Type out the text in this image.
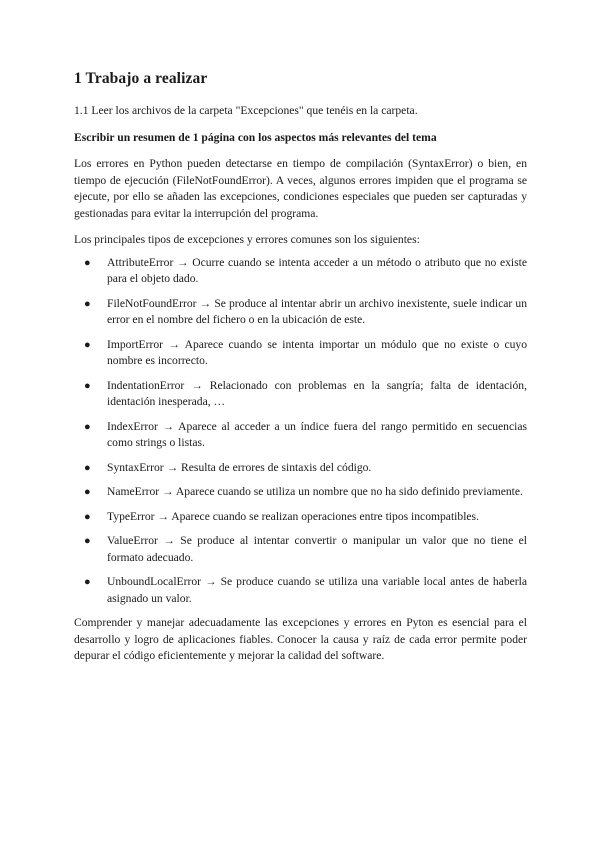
1 Trabajo a realizar

1.1 Leer los archivos de la carpeta "Excepciones" que tenéis en la carpeta.

Escribir un resumen de 1 página con los aspectos más relevantes del tema

Los errores en Python pueden detectarse en tiempo de compilación (SyntaxError) o bien, en tiempo de ejecución (FileNotFoundError). A veces, algunos errores impiden que el programa se ejecute, por ello se añaden las excepciones, condiciones especiales que pueden ser capturadas y gestionadas para evitar la interrupción del programa.

Los principales tipos de excepciones y errores comunes son los siguientes:

● AttributeError → Ocurre cuando se intenta acceder a un método o atributo que no existe para el objeto dado.
● FileNotFoundError → Se produce al intentar abrir un archivo inexistente, suele indicar un error en el nombre del fichero o en la ubicación de este.
● ImportError → Aparece cuando se intenta importar un módulo que no existe o cuyo nombre es incorrecto.
● IndentationError → Relacionado con problemas en la sangría; falta de identación, identación inesperada, …
● IndexError → Aparece al acceder a un índice fuera del rango permitido en secuencias como strings o listas.
● SyntaxError → Resulta de errores de sintaxis del código.
● NameError → Aparece cuando se utiliza un nombre que no ha sido definido previamente.
● TypeError → Aparece cuando se realizan operaciones entre tipos incompatibles.
● ValueError → Se produce al intentar convertir o manipular un valor que no tiene el formato adecuado.
● UnboundLocalError → Se produce cuando se utiliza una variable local antes de haberla asignado un valor.

Comprender y manejar adecuadamente las excepciones y errores en Pyton es esencial para el desarrollo y logro de aplicaciones fiables. Conocer la causa y raíz de cada error permite poder depurar el código eficientemente y mejorar la calidad del software.
